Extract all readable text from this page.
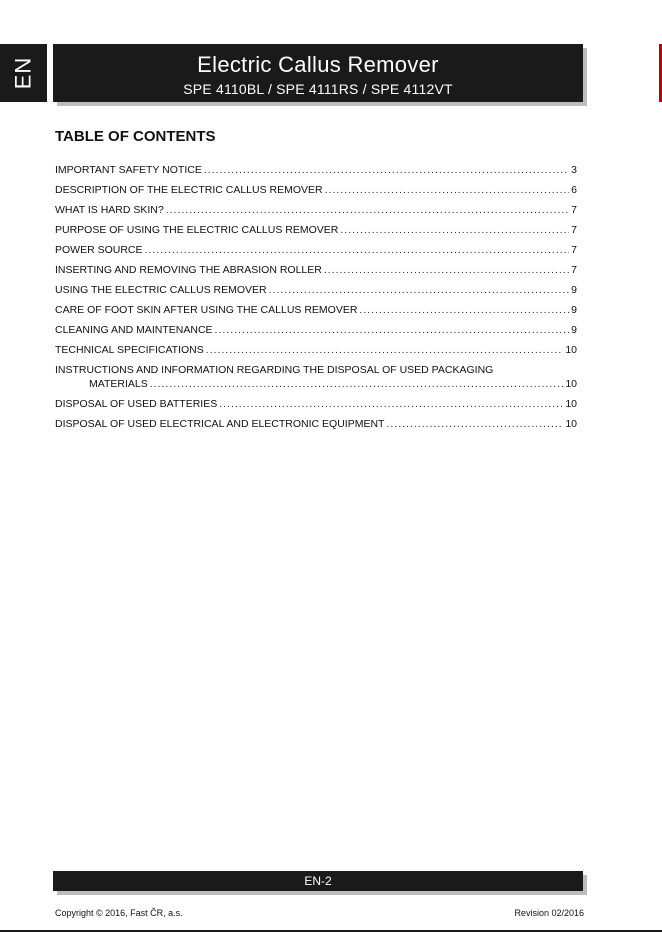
EN	Electric Callus Remover
SPE 4110BL / SPE 4111RS / SPE 4112VT
TABLE OF CONTENTS
IMPORTANT SAFETY NOTICE .....	3
DESCRIPTION OF THE ELECTRIC CALLUS REMOVER .....	6
WHAT IS HARD SKIN? .....	7
PURPOSE OF USING THE ELECTRIC CALLUS REMOVER .....	7
POWER SOURCE .....	7
INSERTING AND REMOVING THE ABRASION ROLLER .....	7
USING THE ELECTRIC CALLUS REMOVER .....	9
CARE OF FOOT SKIN AFTER USING THE CALLUS REMOVER .....	9
CLEANING AND MAINTENANCE .....	9
TECHNICAL SPECIFICATIONS .....	10
INSTRUCTIONS AND INFORMATION REGARDING THE DISPOSAL OF USED PACKAGING
MATERIALS .....	10
DISPOSAL OF USED BATTERIES .....	10
DISPOSAL OF USED ELECTRICAL AND ELECTRONIC EQUIPMENT .....	10
EN-2
Copyright © 2016, Fast ČR, a.s.	Revision 02/2016
